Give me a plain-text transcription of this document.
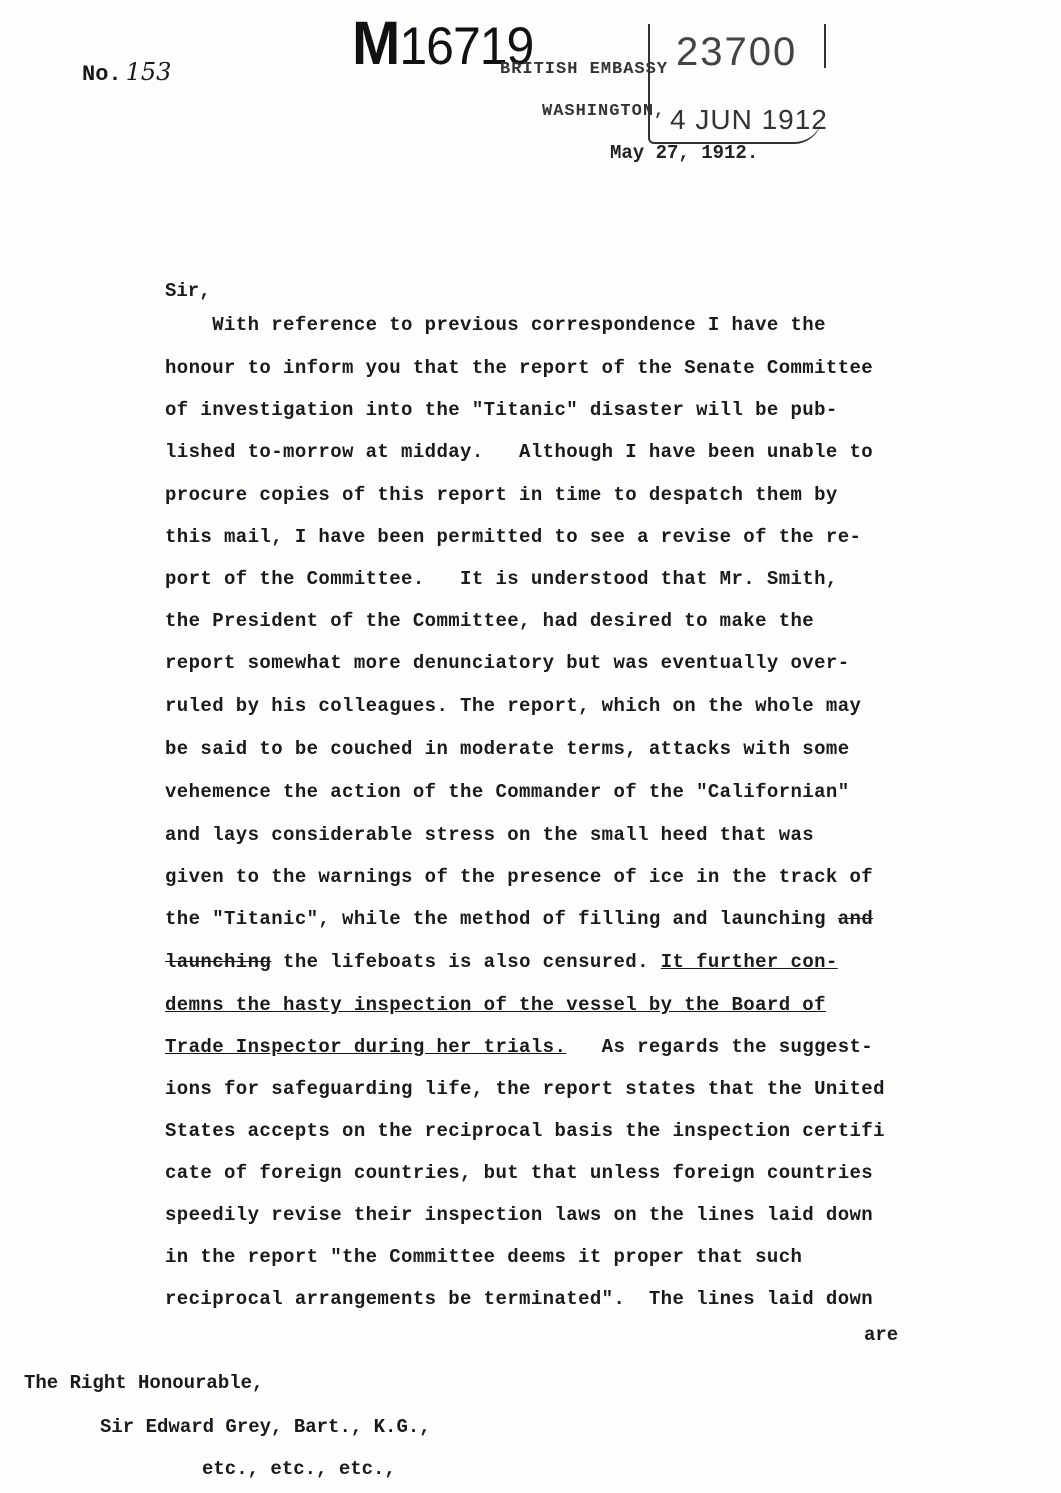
No. 153	M16719	23700
4 JUN 1912
BRITISH EMBASSY
WASHINGTON,
May 27, 1912.
Sir,
With reference to previous correspondence I have the
honour to inform you that the report of the Senate Committee
of investigation into the "Titanic" disaster will be pub-
lished to-morrow at midday.   Although I have been unable to
procure copies of this report in time to despatch them by
this mail, I have been permitted to see a revise of the re-
port of the Committee.   It is understood that Mr. Smith,
the President of the Committee, had desired to make the
report somewhat more denunciatory but was eventually over-
ruled by his colleagues. The report, which on the whole may
be said to be couched in moderate terms, attacks with some
vehemence the action of the Commander of the "Californian"
and lays considerable stress on the small heed that was
given to the warnings of the presence of ice in the track of
the "Titanic", while the method of filling and launching and
launching the lifeboats is also censured. It further con-
demns the hasty inspection of the vessel by the Board of
Trade Inspector during her trials.   As regards the suggest-
ions for safeguarding life, the report states that the United
States accepts on the reciprocal basis the inspection certifi
cate of foreign countries, but that unless foreign countries
speedily revise their inspection laws on the lines laid down
in the report "the Committee deems it proper that such
reciprocal arrangements be terminated".  The lines laid down
are
The Right Honourable,
Sir Edward Grey, Bart., K.G.,
etc., etc., etc.,
